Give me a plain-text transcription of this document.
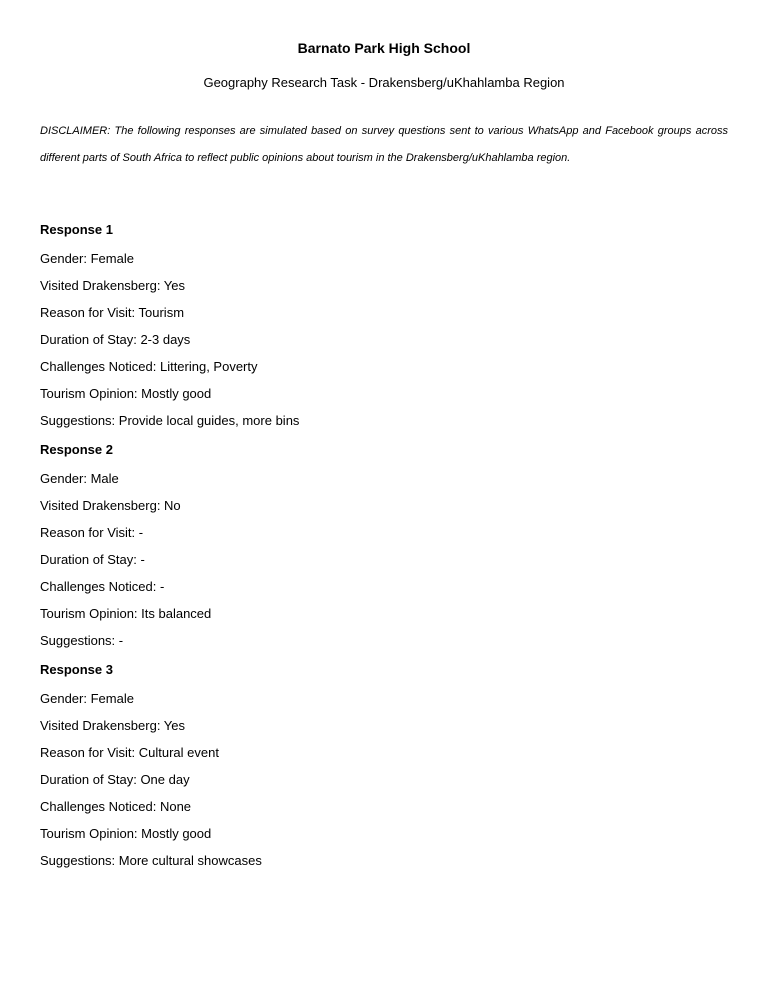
Barnato Park High School
Geography Research Task - Drakensberg/uKhahlamba Region
DISCLAIMER: The following responses are simulated based on survey questions sent to various WhatsApp and Facebook groups across different parts of South Africa to reflect public opinions about tourism in the Drakensberg/uKhahlamba region.
Response 1
Gender: Female
Visited Drakensberg: Yes
Reason for Visit: Tourism
Duration of Stay: 2-3 days
Challenges Noticed: Littering, Poverty
Tourism Opinion: Mostly good
Suggestions: Provide local guides, more bins
Response 2
Gender: Male
Visited Drakensberg: No
Reason for Visit: -
Duration of Stay: -
Challenges Noticed: -
Tourism Opinion: Its balanced
Suggestions: -
Response 3
Gender: Female
Visited Drakensberg: Yes
Reason for Visit: Cultural event
Duration of Stay: One day
Challenges Noticed: None
Tourism Opinion: Mostly good
Suggestions: More cultural showcases
